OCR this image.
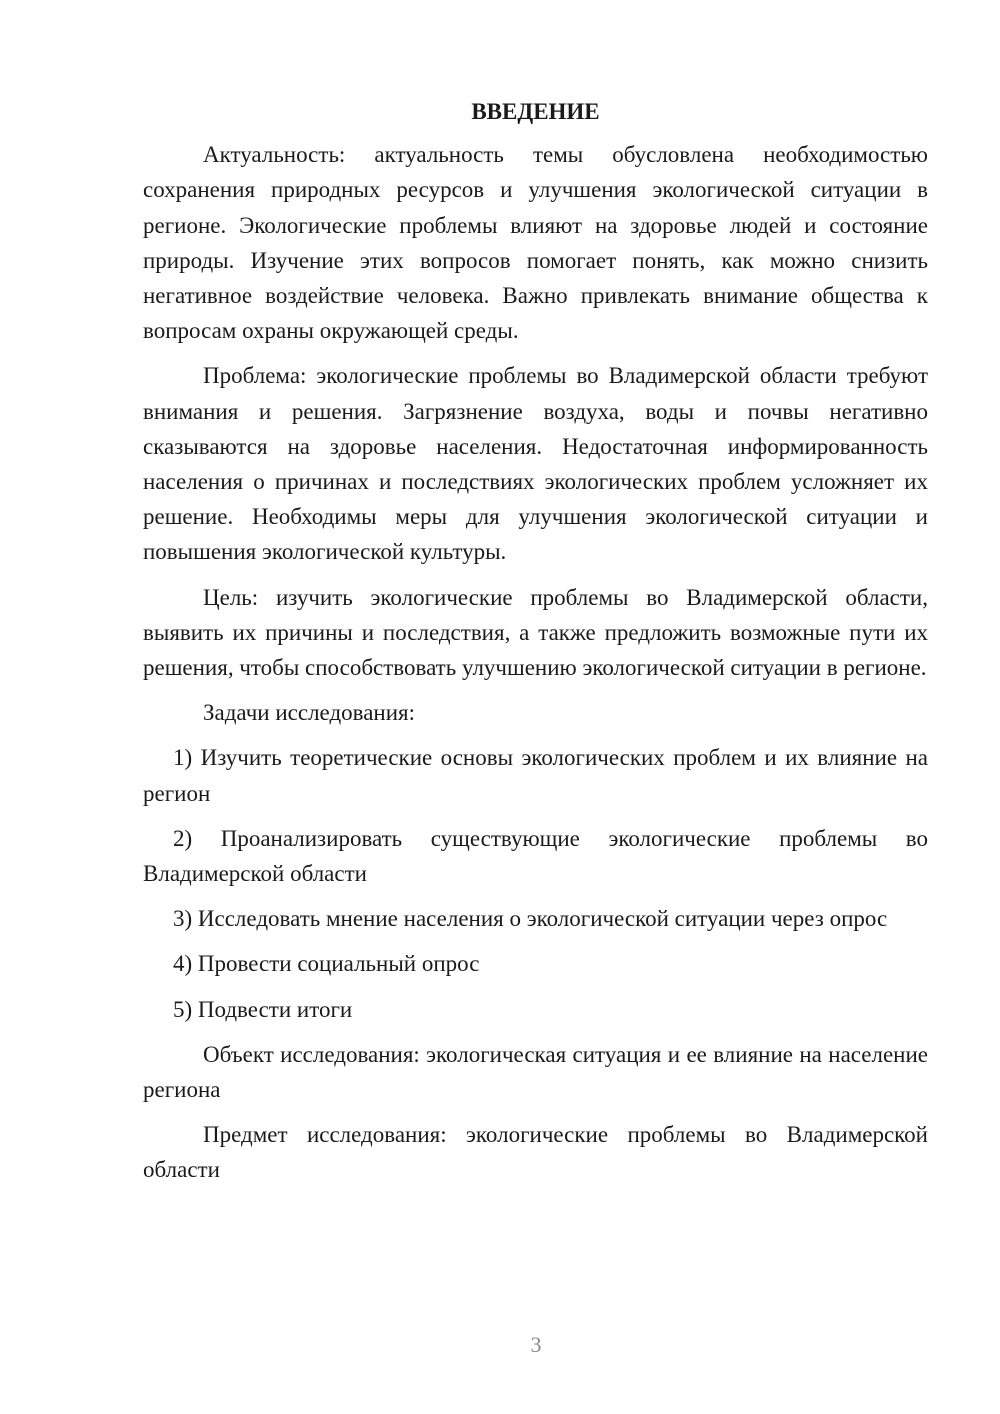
ВВЕДЕНИЕ

Актуальность: актуальность темы обусловлена необходимостью сохранения природных ресурсов и улучшения экологической ситуации в регионе. Экологические проблемы влияют на здоровье людей и состояние природы. Изучение этих вопросов помогает понять, как можно снизить негативное воздействие человека. Важно привлекать внимание общества к вопросам охраны окружающей среды.

Проблема: экологические проблемы во Владимерской области требуют внимания и решения. Загрязнение воздуха, воды и почвы негативно сказываются на здоровье населения. Недостаточная информированность населения о причинах и последствиях экологических проблем усложняет их решение. Необходимы меры для улучшения экологической ситуации и повышения экологической культуры.

Цель: изучить экологические проблемы во Владимерской области, выявить их причины и последствия, а также предложить возможные пути их решения, чтобы способствовать улучшению экологической ситуации в регионе.

Задачи исследования:

1) Изучить теоретические основы экологических проблем и их влияние на регион

2) Проанализировать существующие экологические проблемы во Владимерской области

3) Исследовать мнение населения о экологической ситуации через опрос

4) Провести социальный опрос

5) Подвести итоги

Объект исследования: экологическая ситуация и ее влияние на население региона

Предмет исследования: экологические проблемы во Владимерской области

3
